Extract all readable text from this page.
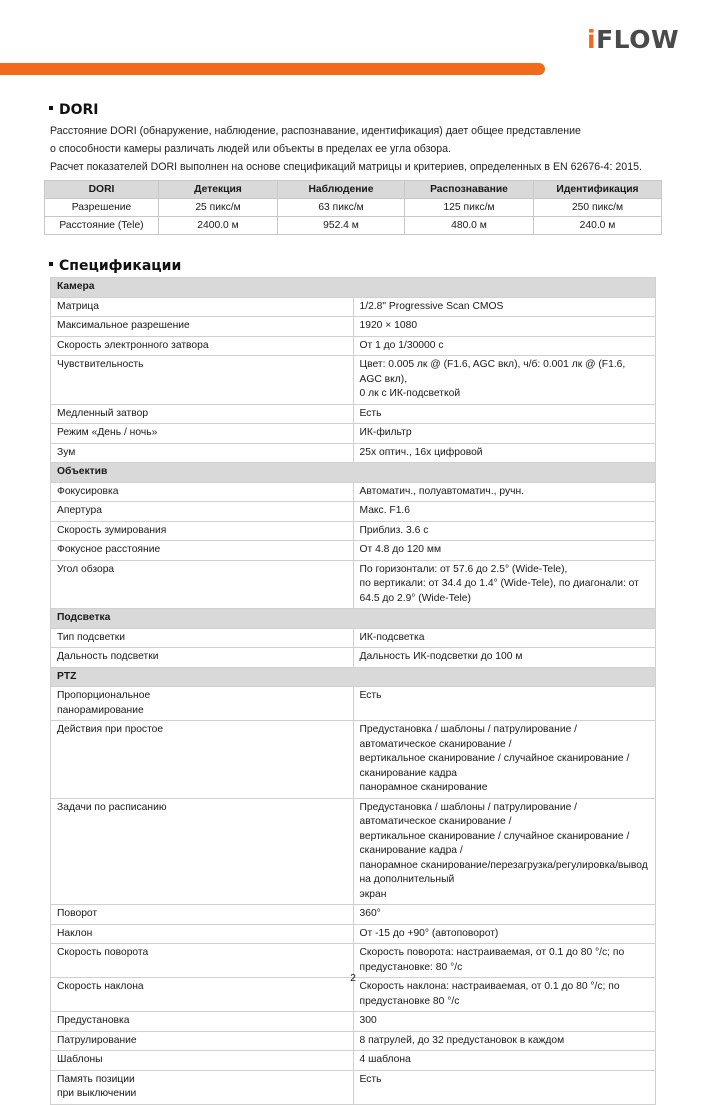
iFLOW
DORI

Расстояние DORI (обнаружение, наблюдение, распознавание, идентификация) дает общее представление

о способности камеры различать людей или объекты в пределах ее угла обзора.

Расчет показателей DORI выполнен на основе спецификаций матрицы и критериев, определенных в EN 62676-4: 2015.

DORI	Детекция	Наблюдение	Распознавание	Идентификация
Разрешение	25 пикс/м	63 пикс/м	125 пикс/м	250 пикс/м
Расстояние (Tele)	2400.0 м	952.4 м	480.0 м	240.0 м
Спецификации
Камера	

Матрица	1/2.8" Progressive Scan CMOS

Максимальное разрешение	1920 × 1080

Скорость электронного затвора	От 1 до 1/30000 с

Чувствительность	Цвет: 0.005 лк @ (F1.6, AGC вкл), ч/б: 0.001 лк @ (F1.6, AGC вкл),
0 лк с ИК-подсветкой

Медленный затвор	Есть

Режим «День / ночь»	ИК-фильтр

Зум	25x оптич., 16x цифровой

Объектив	

Фокусировка	Автоматич., полуавтоматич., ручн.

Апертура	Макс. F1.6

Скорость зумирования	Приблиз. 3.6 с

Фокусное расстояние	От 4.8 до 120 мм

Угол обзора	По горизонтали: от 57.6 до 2.5° (Wide-Tele),
по вертикали: от 34.4 до 1.4° (Wide-Tele), по диагонали: от 64.5 до 2.9° (Wide-Tele)

Подсветка	

Тип подсветки	ИК-подсветка

Дальность подсветки	Дальность ИК-подсветки до 100 м

PTZ	

Пропорциональное
панорамирование	Есть

Действия при простое	Предустановка / шаблоны / патрулирование / автоматическое сканирование /
вертикальное сканирование / случайное сканирование / сканирование кадра
панорамное сканирование

Задачи по расписанию	Предустановка / шаблоны / патрулирование / автоматическое сканирование /
вертикальное сканирование / случайное сканирование / сканирование кадра /
панорамное сканирование/перезагрузка/регулировка/вывод на дополнительный
экран

Поворот	360°

Наклон	От -15 до +90° (автоповорот)

Скорость поворота	Скорость поворота: настраиваемая, от 0.1 до 80 °/с; по предустановке: 80 °/с

Скорость наклона	Скорость наклона: настраиваемая, от 0.1 до 80 °/с; по предустановке 80 °/с

Предустановка	300

Патрулирование	8 патрулей, до 32 предустановок в каждом

Шаблоны	4 шаблона

Память позиции
при выключении	Есть
2
